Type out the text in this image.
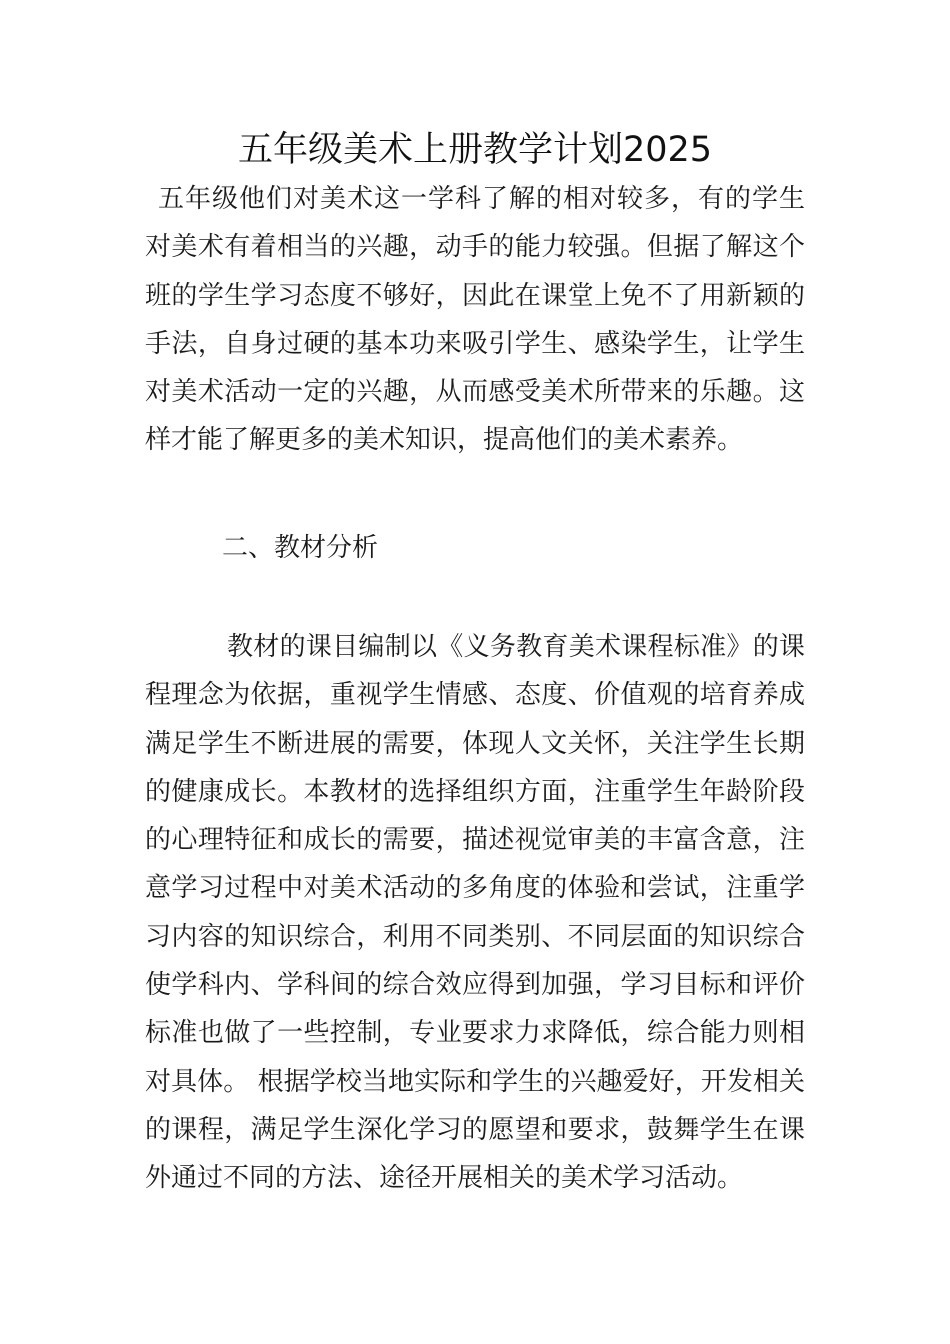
五年级美术上册教学计划2025

五年级他们对美术这一学科了解的相对较多，有的学生对美术有着相当的兴趣，动手的能力较强。但据了解这个班的学生学习态度不够好，因此在课堂上免不了用新颖的手法，自身过硬的基本功来吸引学生、感染学生，让学生对美术活动一定的兴趣，从而感受美术所带来的乐趣。这样才能了解更多的美术知识，提高他们的美术素养。

二、教材分析

教材的课目编制以《义务教育美术课程标准》的课程理念为依据，重视学生情感、态度、价值观的培育养成满足学生不断进展的需要，体现人文关怀，关注学生长期的健康成长。本教材的选择组织方面，注重学生年龄阶段的心理特征和成长的需要，描述视觉审美的丰富含意，注意学习过程中对美术活动的多角度的体验和尝试，注重学习内容的知识综合，利用不同类别、不同层面的知识综合使学科内、学科间的综合效应得到加强，学习目标和评价标准也做了一些控制，专业要求力求降低，综合能力则相对具体。 根据学校当地实际和学生的兴趣爱好，开发相关的课程，满足学生深化学习的愿望和要求，鼓舞学生在课外通过不同的方法、途径开展相关的美术学习活动。
